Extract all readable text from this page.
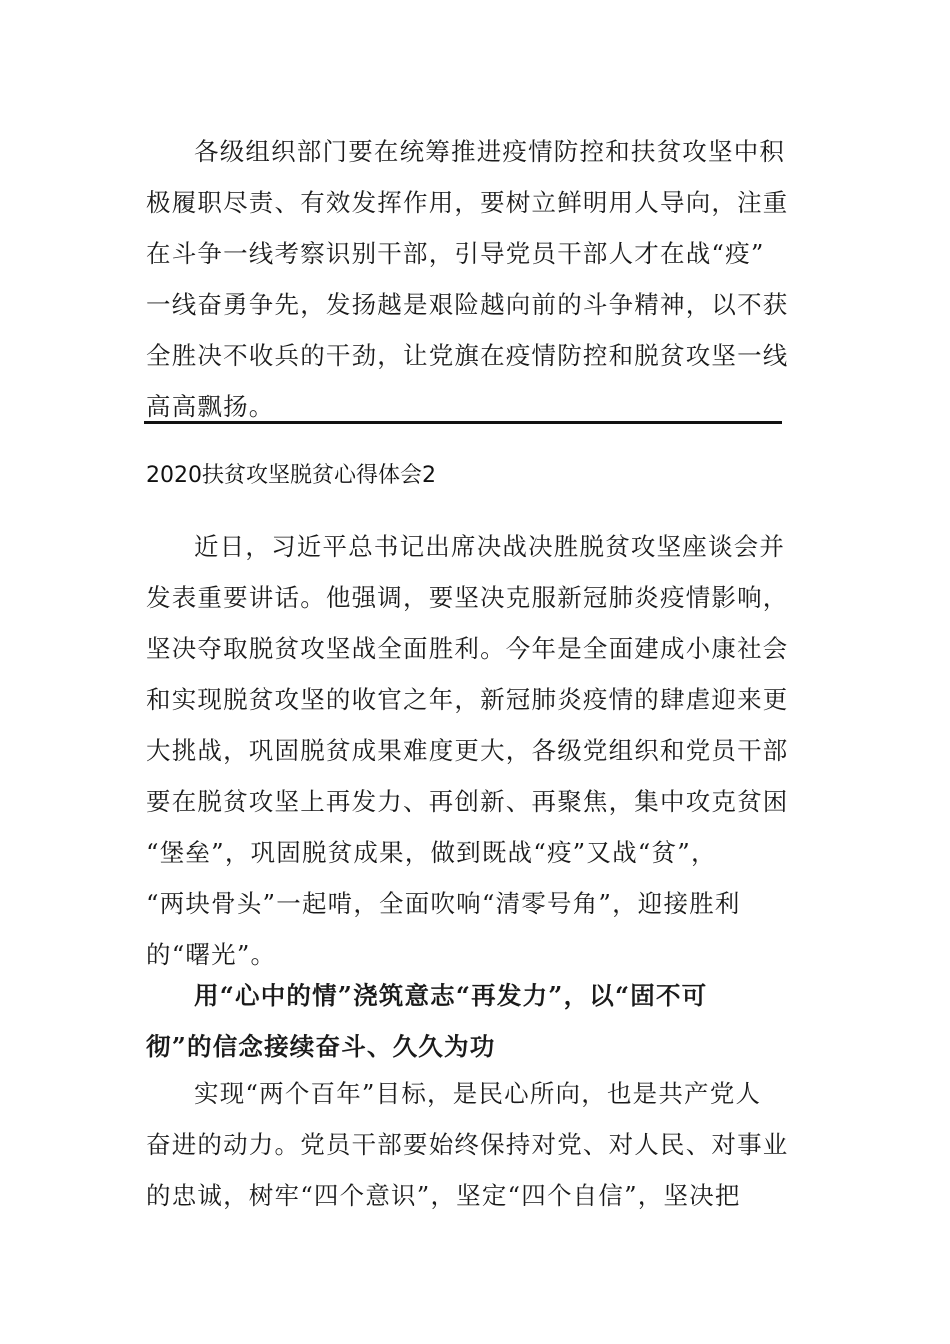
各级组织部门要在统筹推进疫情防控和扶贫攻坚中积
极履职尽责、有效发挥作用，要树立鲜明用人导向，注重
在斗争一线考察识别干部，引导党员干部人才在战“疫”
一线奋勇争先，发扬越是艰险越向前的斗争精神，以不获
全胜决不收兵的干劲，让党旗在疫情防控和脱贫攻坚一线
高高飘扬。
2020扶贫攻坚脱贫心得体会2
近日，习近平总书记出席决战决胜脱贫攻坚座谈会并
发表重要讲话。他强调，要坚决克服新冠肺炎疫情影响，
坚决夺取脱贫攻坚战全面胜利。今年是全面建成小康社会
和实现脱贫攻坚的收官之年，新冠肺炎疫情的肆虐迎来更
大挑战，巩固脱贫成果难度更大，各级党组织和党员干部
要在脱贫攻坚上再发力、再创新、再聚焦，集中攻克贫困
“堡垒”，巩固脱贫成果，做到既战“疫”又战“贫”，
“两块骨头”一起啃，全面吹响“清零号角”，迎接胜利
的“曙光”。
用“心中的情”浇筑意志“再发力”，以“固不可
彻”的信念接续奋斗、久久为功
实现“两个百年”目标，是民心所向，也是共产党人
奋进的动力。党员干部要始终保持对党、对人民、对事业
的忠诚，树牢“四个意识”，坚定“四个自信”，坚决把
